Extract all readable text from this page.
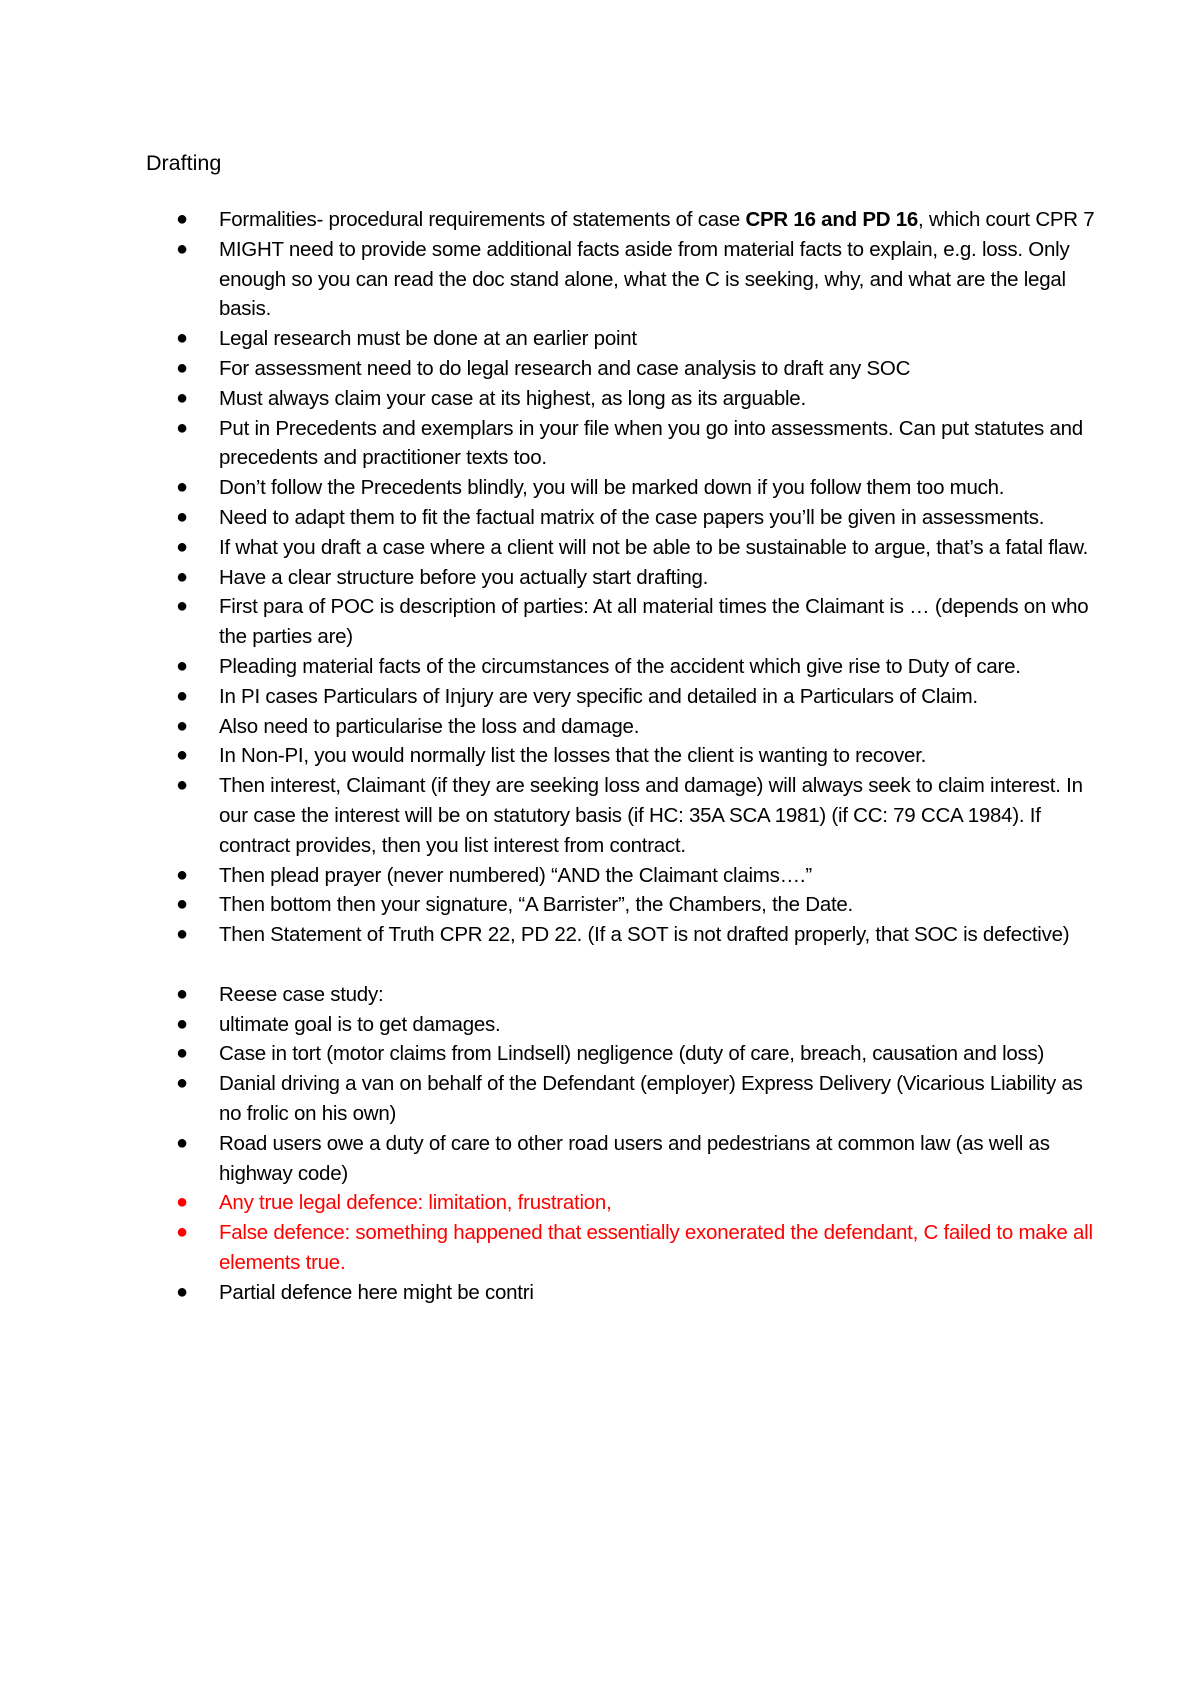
Drafting
● Formalities- procedural requirements of statements of case CPR 16 and PD 16, which court CPR 7
● MIGHT need to provide some additional facts aside from material facts to explain, e.g. loss. Only enough so you can read the doc stand alone, what the C is seeking, why, and what are the legal basis.
● Legal research must be done at an earlier point
● For assessment need to do legal research and case analysis to draft any SOC
● Must always claim your case at its highest, as long as its arguable.
● Put in Precedents and exemplars in your file when you go into assessments. Can put statutes and precedents and practitioner texts too.
● Don’t follow the Precedents blindly, you will be marked down if you follow them too much.
● Need to adapt them to fit the factual matrix of the case papers you’ll be given in assessments.
● If what you draft a case where a client will not be able to be sustainable to argue, that’s a fatal flaw.
● Have a clear structure before you actually start drafting.
● First para of POC is description of parties: At all material times the Claimant is … (depends on who the parties are)
● Pleading material facts of the circumstances of the accident which give rise to Duty of care.
● In PI cases Particulars of Injury are very specific and detailed in a Particulars of Claim.
● Also need to particularise the loss and damage.
● In Non-PI, you would normally list the losses that the client is wanting to recover.
● Then interest, Claimant (if they are seeking loss and damage) will always seek to claim interest. In our case the interest will be on statutory basis (if HC: 35A SCA 1981) (if CC: 79 CCA 1984). If contract provides, then you list interest from contract.
● Then plead prayer (never numbered) “AND the Claimant claims….”
● Then bottom then your signature, “A Barrister”, the Chambers, the Date.
● Then Statement of Truth CPR 22, PD 22. (If a SOT is not drafted properly, that SOC is defective)
● Reese case study:
● ultimate goal is to get damages.
● Case in tort (motor claims from Lindsell) negligence (duty of care, breach, causation and loss)
● Danial driving a van on behalf of the Defendant (employer) Express Delivery (Vicarious Liability as no frolic on his own)
● Road users owe a duty of care to other road users and pedestrians at common law (as well as highway code)
● Any true legal defence: limitation, frustration,
● False defence: something happened that essentially exonerated the defendant, C failed to make all elements true.
● Partial defence here might be contri
